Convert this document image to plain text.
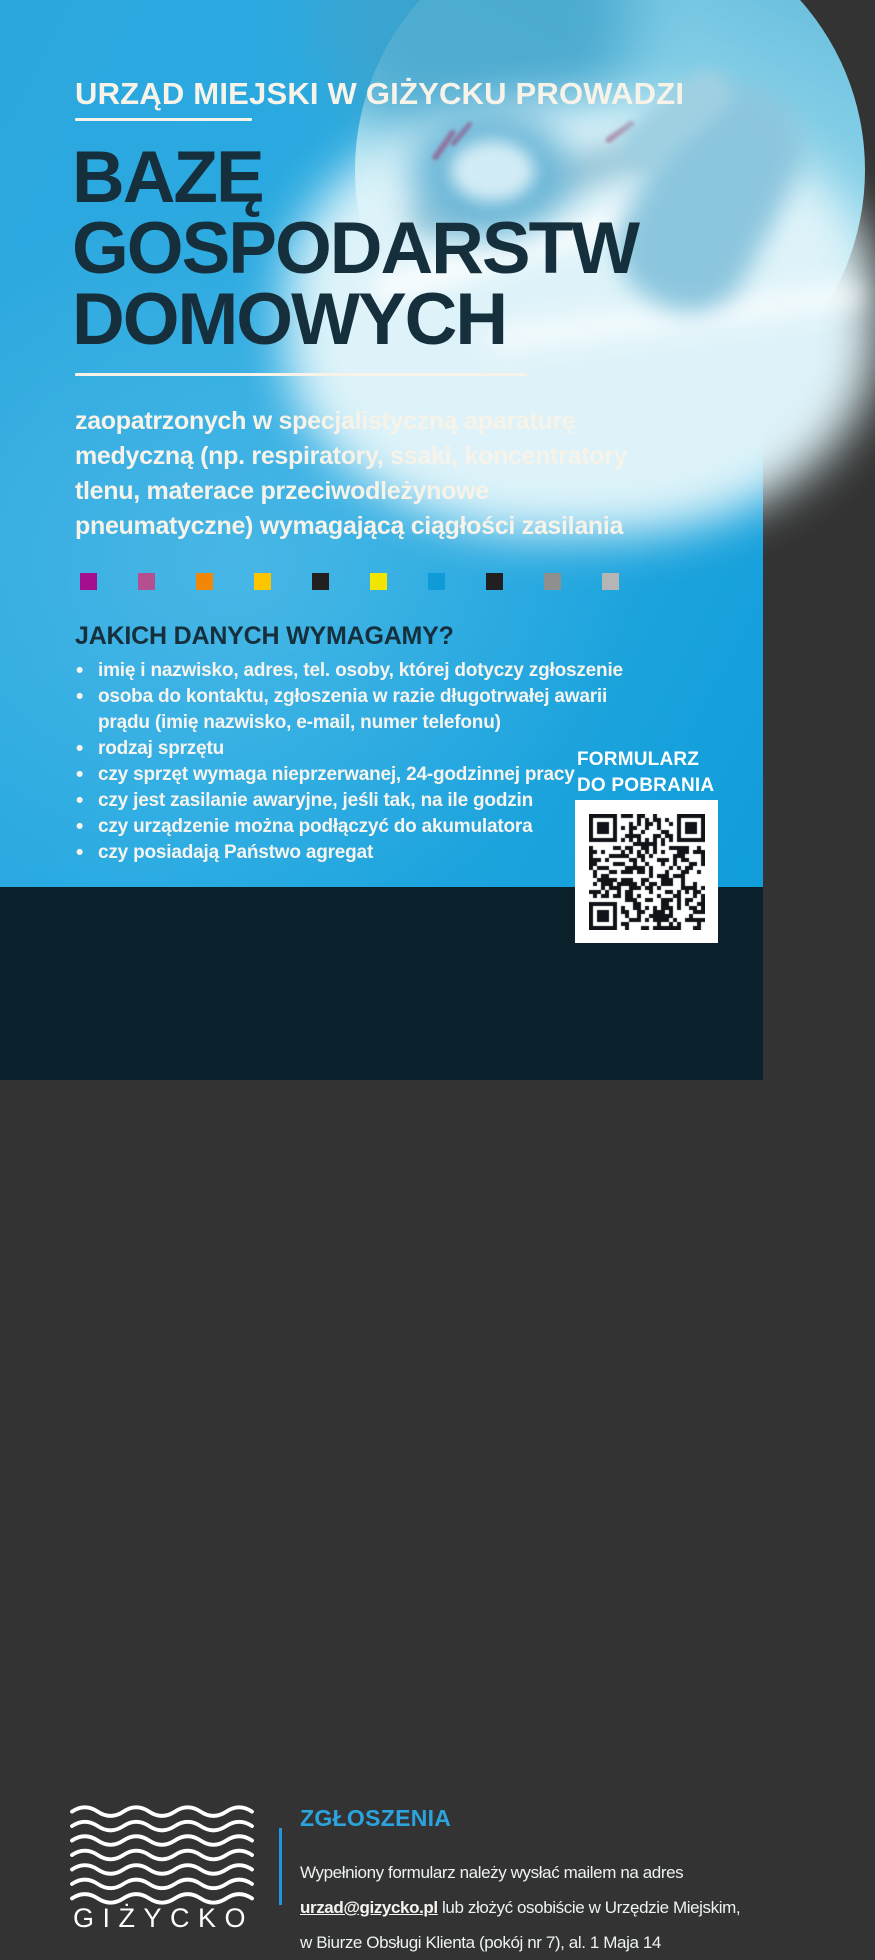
GIŻYCKO
ZGŁOSZENIA
Wypełniony formularz należy wysłać mailem na adres
urzad@gizycko.pl lub złożyć osobiście w Urzędzie Miejskim,
w Biurze Obsługi Klienta (pokój nr 7), al. 1 Maja 14
URZĄD MIEJSKI W GIŻYCKU PROWADZI
BAZĘ
GOSPODARSTW
DOMOWYCH
zaopatrzonych w specjalistyczną aparaturę
medyczną (np. respiratory, ssaki, koncentratory
tlenu, materace przeciwodleżynowe
pneumatyczne) wymagającą ciągłości zasilania
JAKICH DANYCH WYMAGAMY?
• imię i nazwisko, adres, tel. osoby, której dotyczy zgłoszenie
• osoba do kontaktu, zgłoszenia w razie długotrwałej awarii prądu (imię nazwisko, e-mail, numer telefonu)
• rodzaj sprzętu
• czy sprzęt wymaga nieprzerwanej, 24-godzinnej pracy
• czy jest zasilanie awaryjne, jeśli tak, na ile godzin
• czy urządzenie można podłączyć do akumulatora
• czy posiadają Państwo agregat
FORMULARZ
DO POBRANIA
